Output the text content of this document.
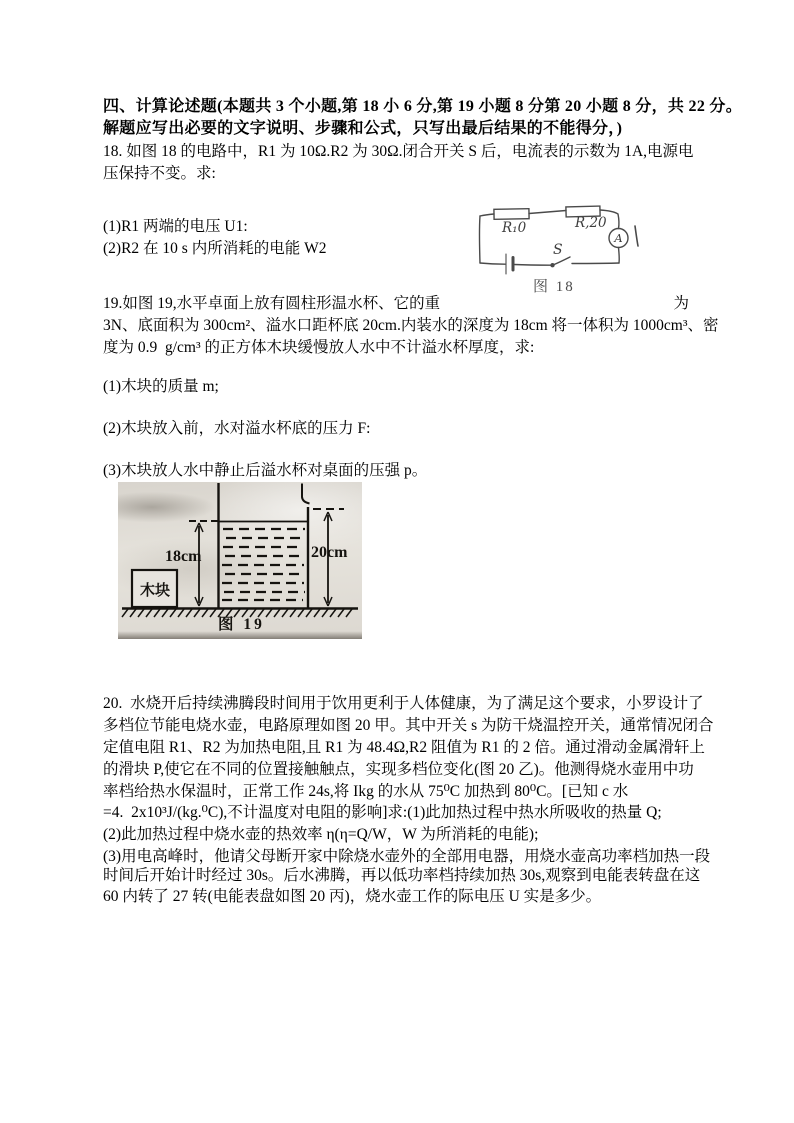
四、计算论述题(本题共 3 个小题,第 18 小 6 分,第 19 小题 8 分第 20 小题 8 分，共 22 分。
解题应写出必要的文字说明、步骤和公式，只写出最后结果的不能得分，)
18. 如图 18 的电路中，R1 为 10Ω.R2 为 30Ω.闭合开关 S 后，电流表的示数为 1A,电源电
压保持不变。求:
(1)R1 两端的电压 U1:
(2)R2 在 10 s 内所消耗的电能 W2
R₁0	R,20
S
A
图 18
19.如图 19,水平卓面上放有圆柱形温水杯、它的重	为
3N、底面积为 300cm²、溢水口距杯底 20cm.内装水的深度为 18cm 将一体积为 1000cm³、密
度为 0.9  g/cm³ 的正方体木块缓慢放人水中不计溢水杯厚度，求:
(1)木块的质量 m;
(2)木块放入前，水对溢水杯底的压力 F:
(3)木块放人水中静止后溢水杯对桌面的压强 p。
18cm	20cm
木块
图 19
20.  水烧开后持续沸腾段时间用于饮用更利于人体健康，为了满足这个要求，小罗设计了
多档位节能电烧水壶，电路原理如图 20 甲。其中开关 s 为防干烧温控开关，通常情况闭合
定值电阻 R1、R2 为加热电阻,且 R1 为 48.4Ω,R2 阻值为 R1 的 2 倍。通过滑动金属滑轩上
的滑块 P,使它在不同的位置接触触点，实现多档位变化(图 20 乙)。他测得烧水壶用中功
率档给热水保温时，正常工作 24s,将 Ikg 的水从 75⁰C 加热到 80⁰C。[已知 c 水
=4.  2x10³J/(kg.⁰C),不计温度对电阻的影响]求:(1)此加热过程中热水所吸收的热量 Q;
(2)此加热过程中烧水壶的热效率 η(η=Q/W，W 为所消耗的电能);
(3)用电高峰时，他请父母断开家中除烧水壶外的全部用电器，用烧水壶高功率档加热一段
时间后开始计时经过 30s。后水沸腾，再以低功率档持续加热 30s,观察到电能表转盘在这
60 内转了 27 转(电能表盘如图 20 丙)，烧水壶工作的际电压 U 实是多少。
